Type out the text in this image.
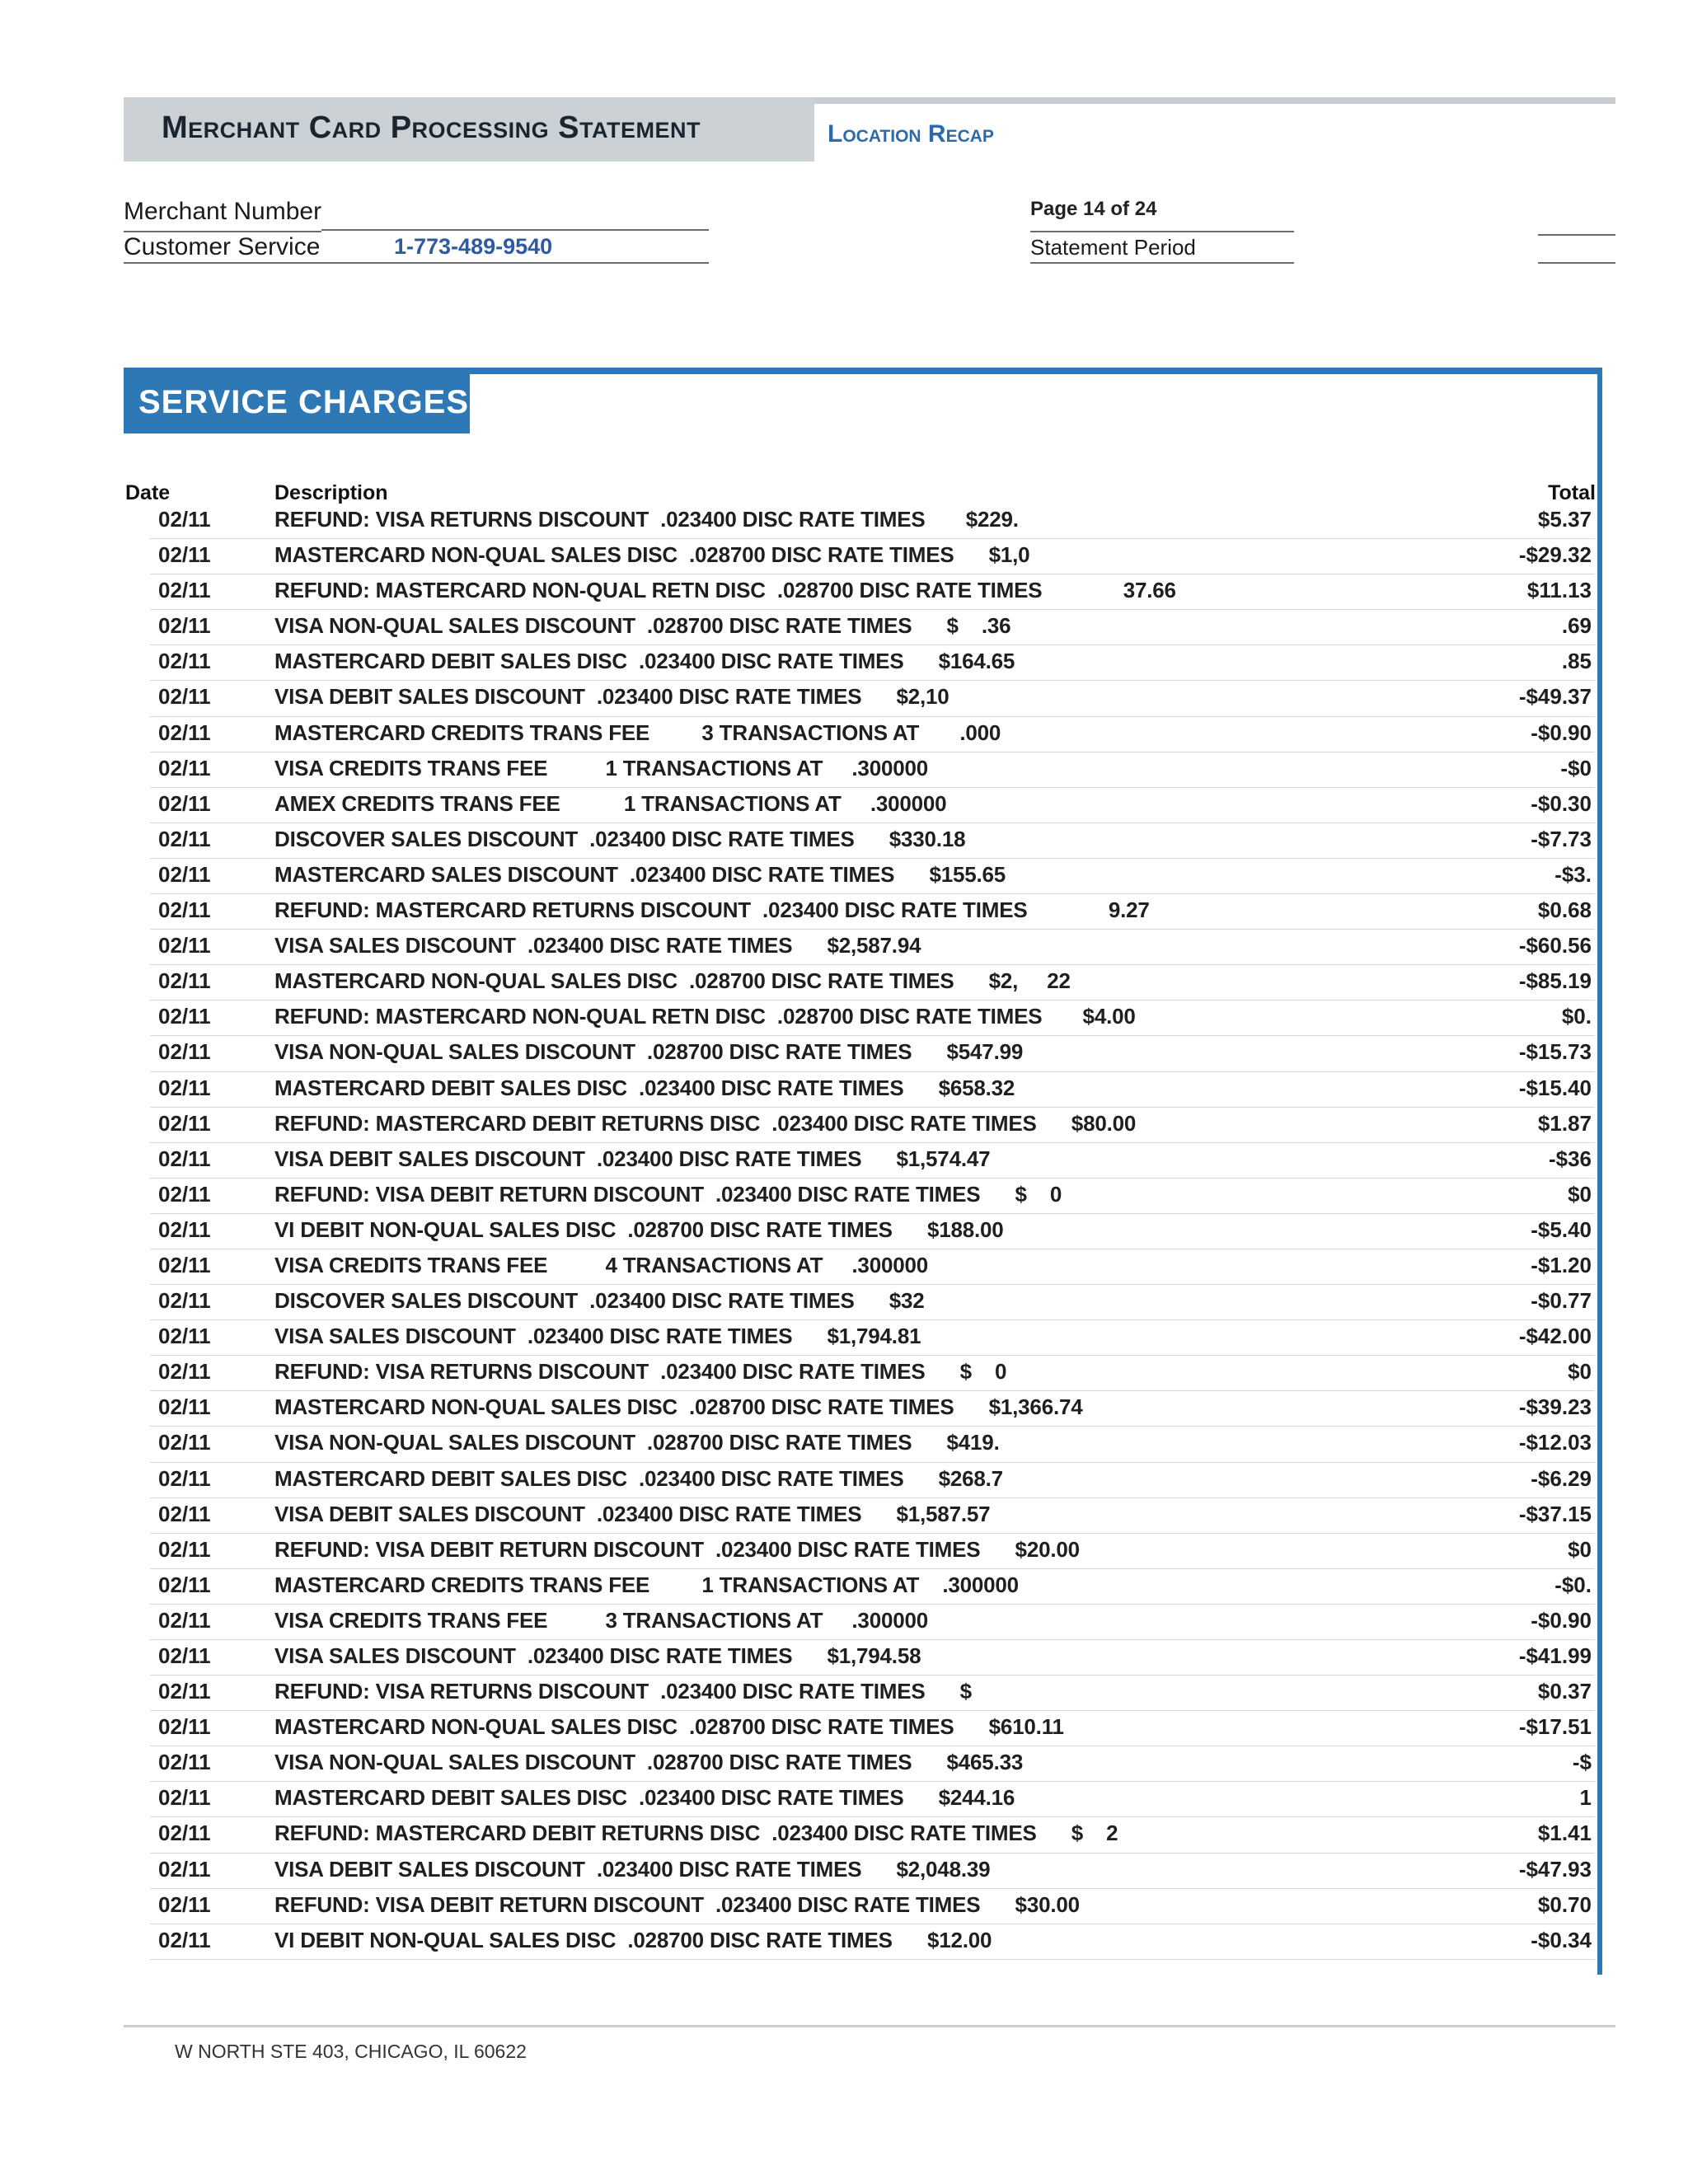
Merchant Card Processing Statement	Location Recap
Merchant Number
Customer Service	1-773-489-9540
Page 14 of 24
Statement Period
SERVICE CHARGES
Date	Description	Total
02/11	REFUND: VISA RETURNS DISCOUNT  .023400 DISC RATE TIMES       $229.	$5.37
02/11	MASTERCARD NON-QUAL SALES DISC  .028700 DISC RATE TIMES      $1,0	-$29.32
02/11	REFUND: MASTERCARD NON-QUAL RETN DISC  .028700 DISC RATE TIMES              37.66	$11.13
02/11	VISA NON-QUAL SALES DISCOUNT  .028700 DISC RATE TIMES      $    .36	.69
02/11	MASTERCARD DEBIT SALES DISC  .023400 DISC RATE TIMES      $164.65	.85
02/11	VISA DEBIT SALES DISCOUNT  .023400 DISC RATE TIMES      $2,10	-$49.37
02/11	MASTERCARD CREDITS TRANS FEE         3 TRANSACTIONS AT       .000	-$0.90
02/11	VISA CREDITS TRANS FEE          1 TRANSACTIONS AT     .300000	-$0
02/11	AMEX CREDITS TRANS FEE           1 TRANSACTIONS AT     .300000	-$0.30
02/11	DISCOVER SALES DISCOUNT  .023400 DISC RATE TIMES      $330.18	-$7.73
02/11	MASTERCARD SALES DISCOUNT  .023400 DISC RATE TIMES      $155.65	-$3.
02/11	REFUND: MASTERCARD RETURNS DISCOUNT  .023400 DISC RATE TIMES              9.27	$0.68
02/11	VISA SALES DISCOUNT  .023400 DISC RATE TIMES      $2,587.94	-$60.56
02/11	MASTERCARD NON-QUAL SALES DISC  .028700 DISC RATE TIMES      $2,     22	-$85.19
02/11	REFUND: MASTERCARD NON-QUAL RETN DISC  .028700 DISC RATE TIMES       $4.00	$0.
02/11	VISA NON-QUAL SALES DISCOUNT  .028700 DISC RATE TIMES      $547.99	-$15.73
02/11	MASTERCARD DEBIT SALES DISC  .023400 DISC RATE TIMES      $658.32	-$15.40
02/11	REFUND: MASTERCARD DEBIT RETURNS DISC  .023400 DISC RATE TIMES      $80.00	$1.87
02/11	VISA DEBIT SALES DISCOUNT  .023400 DISC RATE TIMES      $1,574.47	-$36
02/11	REFUND: VISA DEBIT RETURN DISCOUNT  .023400 DISC RATE TIMES      $    0	$0
02/11	VI DEBIT NON-QUAL SALES DISC  .028700 DISC RATE TIMES      $188.00	-$5.40
02/11	VISA CREDITS TRANS FEE          4 TRANSACTIONS AT     .300000	-$1.20
02/11	DISCOVER SALES DISCOUNT  .023400 DISC RATE TIMES      $32	-$0.77
02/11	VISA SALES DISCOUNT  .023400 DISC RATE TIMES      $1,794.81	-$42.00
02/11	REFUND: VISA RETURNS DISCOUNT  .023400 DISC RATE TIMES      $    0	$0
02/11	MASTERCARD NON-QUAL SALES DISC  .028700 DISC RATE TIMES      $1,366.74	-$39.23
02/11	VISA NON-QUAL SALES DISCOUNT  .028700 DISC RATE TIMES      $419.	-$12.03
02/11	MASTERCARD DEBIT SALES DISC  .023400 DISC RATE TIMES      $268.7	-$6.29
02/11	VISA DEBIT SALES DISCOUNT  .023400 DISC RATE TIMES      $1,587.57	-$37.15
02/11	REFUND: VISA DEBIT RETURN DISCOUNT  .023400 DISC RATE TIMES      $20.00	$0
02/11	MASTERCARD CREDITS TRANS FEE         1 TRANSACTIONS AT    .300000	-$0.
02/11	VISA CREDITS TRANS FEE          3 TRANSACTIONS AT     .300000	-$0.90
02/11	VISA SALES DISCOUNT  .023400 DISC RATE TIMES      $1,794.58	-$41.99
02/11	REFUND: VISA RETURNS DISCOUNT  .023400 DISC RATE TIMES      $	$0.37
02/11	MASTERCARD NON-QUAL SALES DISC  .028700 DISC RATE TIMES      $610.11	-$17.51
02/11	VISA NON-QUAL SALES DISCOUNT  .028700 DISC RATE TIMES      $465.33	-$
02/11	MASTERCARD DEBIT SALES DISC  .023400 DISC RATE TIMES      $244.16	1
02/11	REFUND: MASTERCARD DEBIT RETURNS DISC  .023400 DISC RATE TIMES      $    2	$1.41
02/11	VISA DEBIT SALES DISCOUNT  .023400 DISC RATE TIMES      $2,048.39	-$47.93
02/11	REFUND: VISA DEBIT RETURN DISCOUNT  .023400 DISC RATE TIMES      $30.00	$0.70
02/11	VI DEBIT NON-QUAL SALES DISC  .028700 DISC RATE TIMES      $12.00	-$0.34
W NORTH STE 403, CHICAGO, IL 60622
